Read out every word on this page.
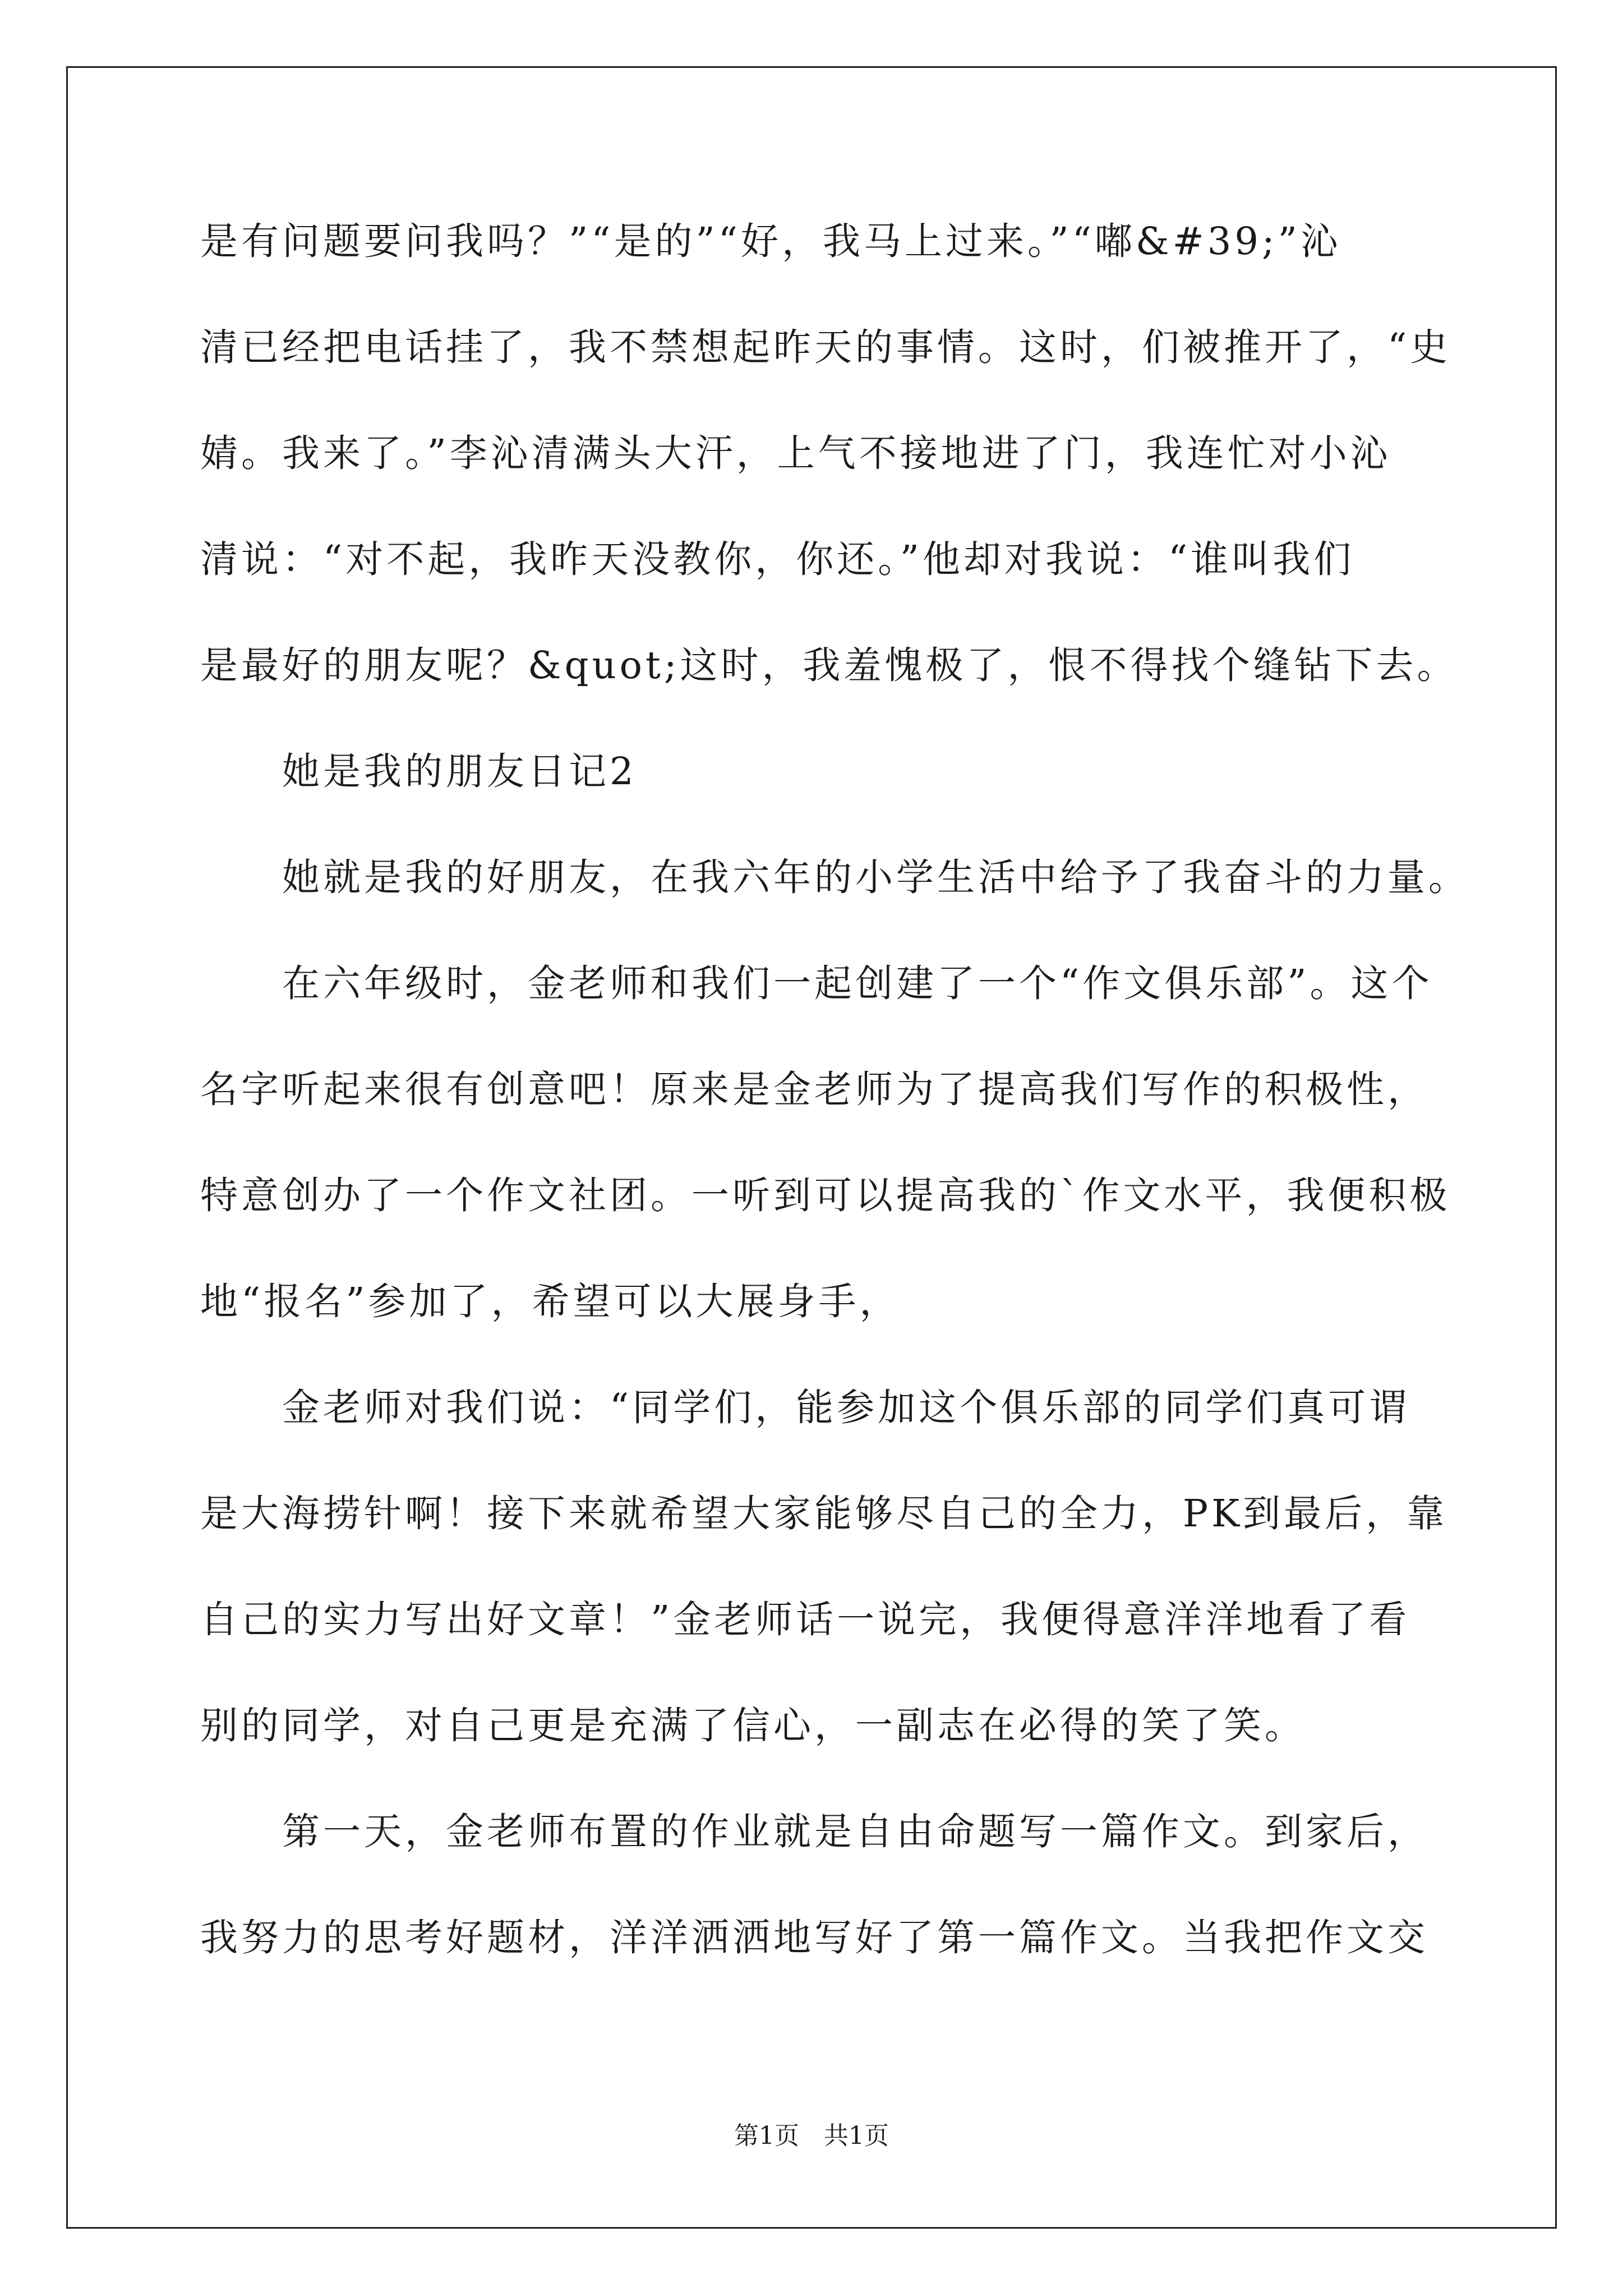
是有问题要问我吗？”“是的”“好，我马上过来。”“嘟&#39;”沁
清已经把电话挂了，我不禁想起昨天的事情。这时，们被推开了，“史
婧。我来了。”李沁清满头大汗，上气不接地进了门，我连忙对小沁
清说：“对不起，我昨天没教你，你还。”他却对我说：“谁叫我们
是最好的朋友呢？&quot;这时，我羞愧极了，恨不得找个缝钻下去。
　　她是我的朋友日记2
　　她就是我的好朋友，在我六年的小学生活中给予了我奋斗的力量。
　　在六年级时，金老师和我们一起创建了一个“作文俱乐部”。这个
名字听起来很有创意吧！原来是金老师为了提高我们写作的积极性，
特意创办了一个作文社团。一听到可以提高我的`作文水平，我便积极
地“报名”参加了，希望可以大展身手，
　　金老师对我们说：“同学们，能参加这个俱乐部的同学们真可谓
是大海捞针啊！接下来就希望大家能够尽自己的全力，PK到最后，靠
自己的实力写出好文章！”金老师话一说完，我便得意洋洋地看了看
别的同学，对自己更是充满了信心，一副志在必得的笑了笑。
　　第一天，金老师布置的作业就是自由命题写一篇作文。到家后，
我努力的思考好题材，洋洋洒洒地写好了第一篇作文。当我把作文交
第1页　共1页
